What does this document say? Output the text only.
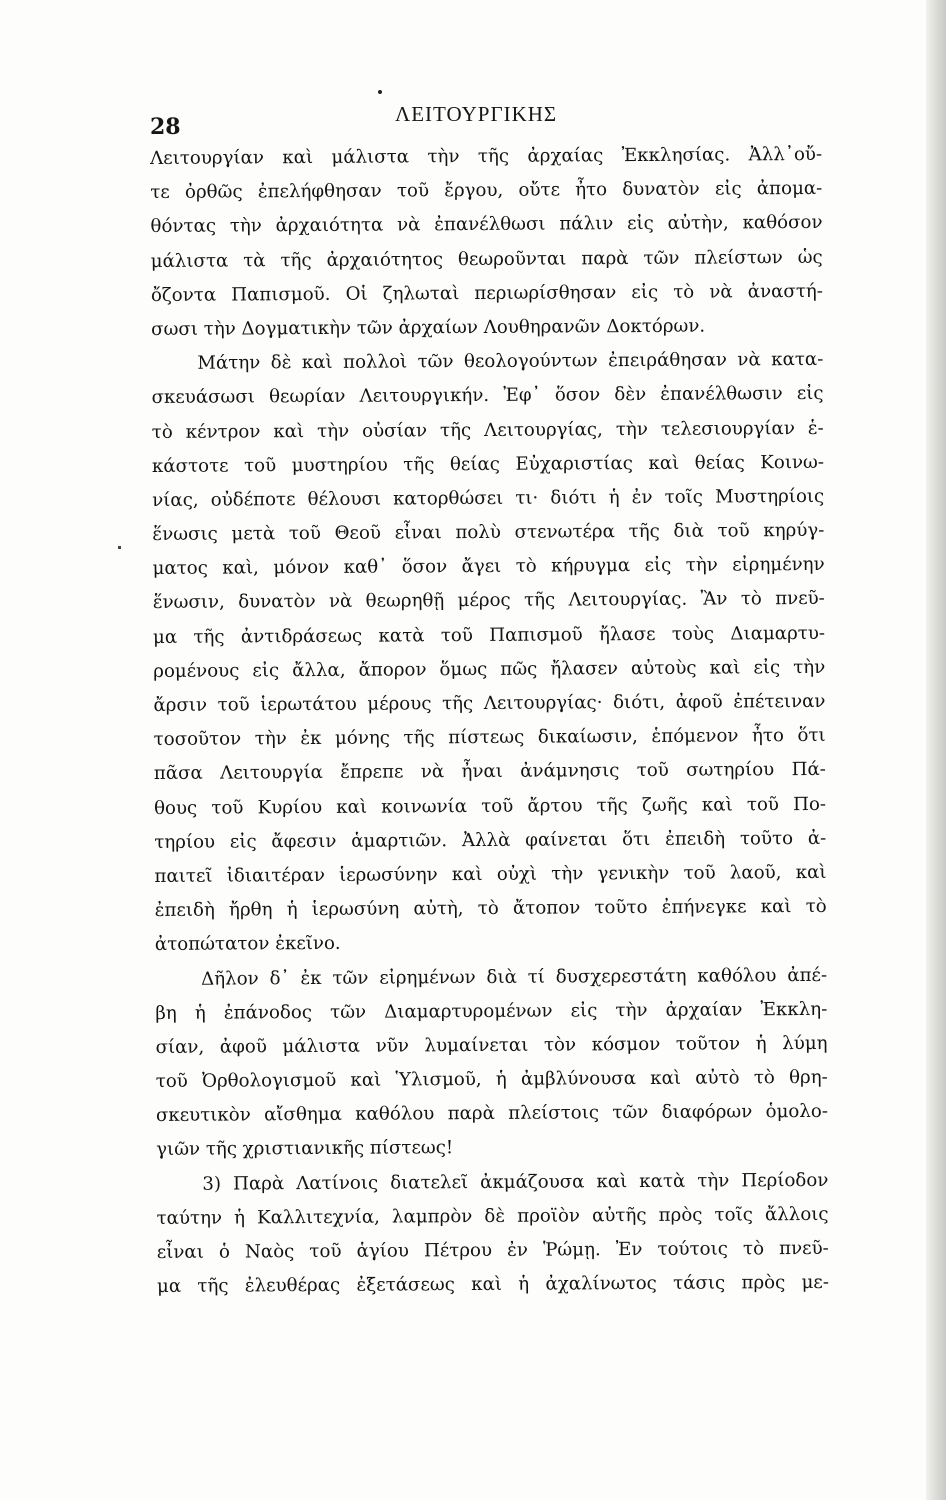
28	ΛΕΙΤΟΥΡΓΙΚΗΣ
Λειτουργίαν καὶ μάλιστα τὴν τῆς ἀρχαίας Ἐκκλησίας. Ἀλλ᾽οὔ-
τε ὀρθῶς ἐπελήφθησαν τοῦ ἔργου, οὔτε ἦτο δυνατὸν εἰς ἀπομα-
θόντας τὴν ἀρχαιότητα νὰ ἐπανέλθωσι πάλιν εἰς αὐτὴν, καθόσον
μάλιστα τὰ τῆς ἀρχαιότητος θεωροῦνται παρὰ τῶν πλείστων ὡς
ὄζοντα Παπισμοῦ. Οἱ ζηλωταὶ περιωρίσθησαν εἰς τὸ νὰ ἀναστή-
σωσι τὴν Δογματικὴν τῶν ἀρχαίων Λουθηρανῶν Δοκτόρων.
Μάτην δὲ καὶ πολλοὶ τῶν θεολογούντων ἐπειράθησαν νὰ κατα-
σκευάσωσι θεωρίαν Λειτουργικήν. Ἐφ᾽ ὅσον δὲν ἐπανέλθωσιν εἰς
τὸ κέντρον καὶ τὴν οὐσίαν τῆς Λειτουργίας, τὴν τελεσιουργίαν ἑ-
κάστοτε τοῦ μυστηρίου τῆς θείας Εὐχαριστίας καὶ θείας Κοινω-
νίας, οὐδέποτε θέλουσι κατορθώσει τι· διότι ἡ ἐν τοῖς Μυστηρίοις
ἕνωσις μετὰ τοῦ Θεοῦ εἶναι πολὺ στενωτέρα τῆς διὰ τοῦ κηρύγ-
ματος καὶ, μόνον καθ᾽ ὅσον ἄγει τὸ κήρυγμα εἰς τὴν εἰρημένην
ἕνωσιν, δυνατὸν νὰ θεωρηθῇ μέρος τῆς Λειτουργίας. Ἂν τὸ πνεῦ-
μα τῆς ἀντιδράσεως κατὰ τοῦ Παπισμοῦ ἤλασε τοὺς Διαμαρτυ-
ρομένους εἰς ἄλλα, ἄπορον ὅμως πῶς ἤλασεν αὐτοὺς καὶ εἰς τὴν
ἄρσιν τοῦ ἱερωτάτου μέρους τῆς Λειτουργίας· διότι, ἀφοῦ ἐπέτειναν
τοσοῦτον τὴν ἐκ μόνης τῆς πίστεως δικαίωσιν, ἑπόμενον ἦτο ὅτι
πᾶσα Λειτουργία ἔπρεπε νὰ ἦναι ἀνάμνησις τοῦ σωτηρίου Πά-
θους τοῦ Κυρίου καὶ κοινωνία τοῦ ἄρτου τῆς ζωῆς καὶ τοῦ Πο-
τηρίου εἰς ἄφεσιν ἁμαρτιῶν. Ἀλλὰ φαίνεται ὅτι ἐπειδὴ τοῦτο ἀ-
παιτεῖ ἰδιαιτέραν ἱερωσύνην καὶ οὐχὶ τὴν γενικὴν τοῦ λαοῦ, καὶ
ἐπειδὴ ἤρθη ἡ ἱερωσύνη αὐτὴ, τὸ ἄτοπον τοῦτο ἐπήνεγκε καὶ τὸ
ἀτοπώτατον ἐκεῖνο.
Δῆλον δ᾽ ἐκ τῶν εἰρημένων διὰ τί δυσχερεστάτη καθόλου ἀπέ-
βη ἡ ἐπάνοδος τῶν Διαμαρτυρομένων εἰς τὴν ἀρχαίαν Ἐκκλη-
σίαν, ἀφοῦ μάλιστα νῦν λυμαίνεται τὸν κόσμον τοῦτον ἡ λύμη
τοῦ Ὀρθολογισμοῦ καὶ Ὑλισμοῦ, ἡ ἀμβλύνουσα καὶ αὐτὸ τὸ θρη-
σκευτικὸν αἴσθημα καθόλου παρὰ πλείστοις τῶν διαφόρων ὁμολο-
γιῶν τῆς χριστιανικῆς πίστεως!
3) Παρὰ Λατίνοις διατελεῖ ἀκμάζουσα καὶ κατὰ τὴν Περίοδον
ταύτην ἡ Καλλιτεχνία, λαμπρὸν δὲ προϊὸν αὐτῆς πρὸς τοῖς ἄλλοις
εἶναι ὁ Ναὸς τοῦ ἁγίου Πέτρου ἐν Ῥώμῃ. Ἐν τούτοις τὸ πνεῦ-
μα τῆς ἐλευθέρας ἐξετάσεως καὶ ἡ ἀχαλίνωτος τάσις πρὸς με-
